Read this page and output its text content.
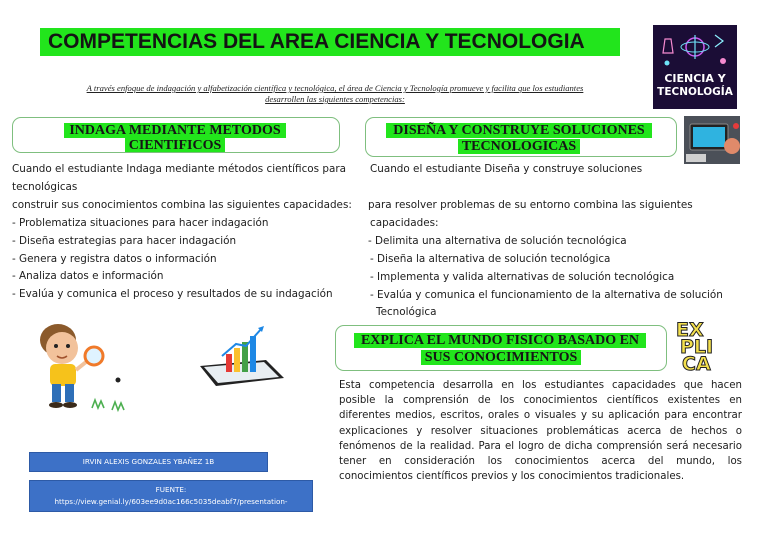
COMPETENCIAS DEL AREA CIENCIA Y TECNOLOGIA
A través enfoque de indagación y alfabetización científica y tecnológica, el área de Ciencia y Tecnología promueve y facilita que los estudiantes
desarrollen las siguientes competencias:
CIENCIA Y
TECNOLOGÍA
INDAGA MEDIANTE METODOS
CIENTIFICOS
DISEÑA Y CONSTRUYE SOLUCIONES
TECNOLOGICAS
Cuando el estudiante Indaga mediante métodos científicos para
tecnológicas
construir sus conocimientos combina las siguientes capacidades:
- Problematiza situaciones para hacer indagación
- Diseña estrategias para hacer indagación
- Genera y registra datos o información
- Analiza datos e información
- Evalúa y comunica el proceso y resultados de su indagación
Cuando el estudiante Diseña y construye soluciones
para resolver problemas de su entorno combina las siguientes
capacidades:
- Delimita una alternativa de solución tecnológica
- Diseña la alternativa de solución tecnológica
- Implementa y valida alternativas de solución tecnológica
- Evalúa y comunica el funcionamiento de la alternativa de solución
Tecnológica
EXPLICA EL MUNDO FISICO BASADO EN
SUS CONOCIMIENTOS
EX
PLI
CA
Esta competencia desarrolla en los estudiantes capacidades que hacen
posible la comprensión de los conocimientos científicos existentes en
diferentes medios, escritos, orales o visuales y su aplicación para encontrar
explicaciones y resolver situaciones problemáticas acerca de hechos o
fenómenos de la realidad. Para el logro de dicha comprensión será necesario
tener en consideración los conocimientos acerca del mundo, los
conocimientos científicos previos y los conocimientos tradicionales.
IRVIN ALEXIS GONZALES YBAÑEZ 1B
FUENTE:
https://view.genial.ly/603ee9d0ac166c5035deabf7/presentation-
